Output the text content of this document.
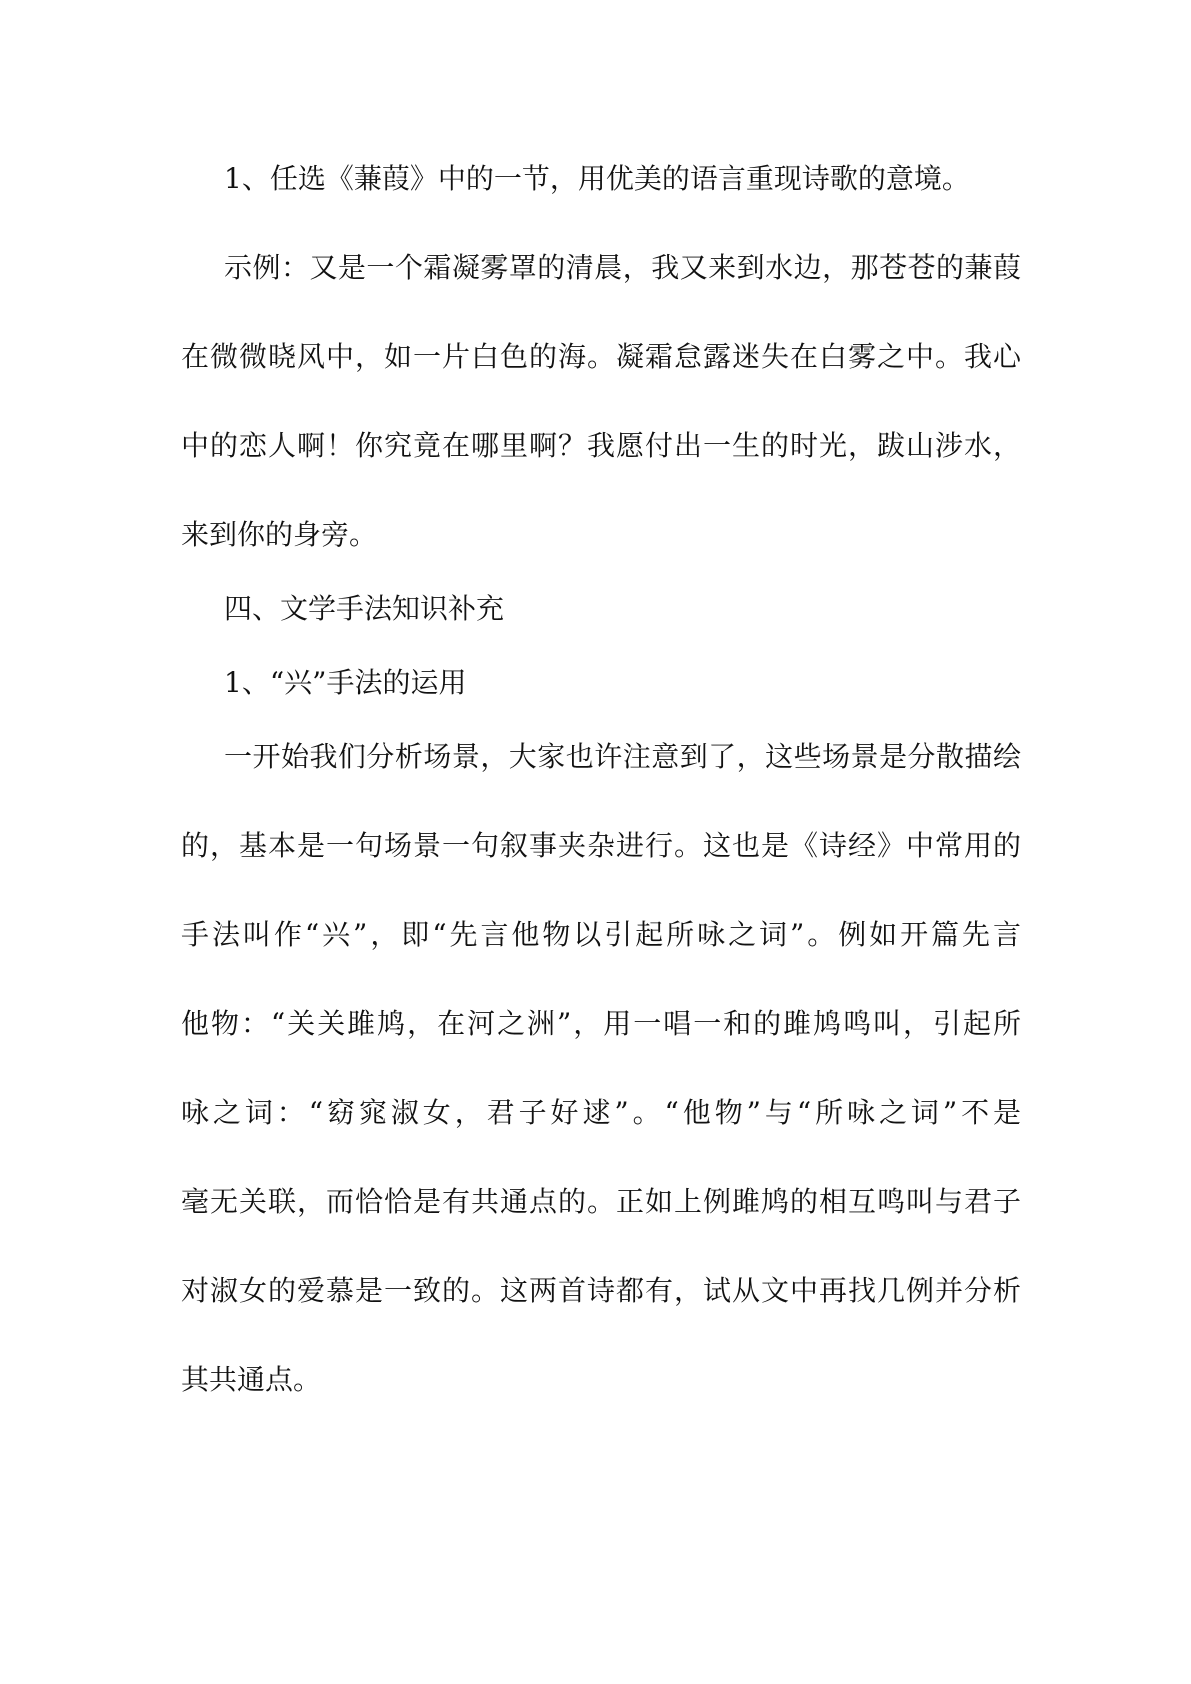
1、任选《蒹葭》中的一节，用优美的语言重现诗歌的意境。
示例：又是一个霜凝雾罩的清晨，我又来到水边，那苍苍的蒹葭
在微微晓风中，如一片白色的海。凝霜怠露迷失在白雾之中。我心
中的恋人啊！你究竟在哪里啊？我愿付出一生的时光，跋山涉水，
来到你的身旁。
四、文学手法知识补充
1、“兴”手法的运用
一开始我们分析场景，大家也许注意到了，这些场景是分散描绘
的，基本是一句场景一句叙事夹杂进行。这也是《诗经》中常用的
手法叫作“兴”，即“先言他物以引起所咏之词”。例如开篇先言
他物：“关关雎鸠，在河之洲”，用一唱一和的雎鸠鸣叫，引起所
咏之词：“窈窕淑女，君子好逑”。“他物”与“所咏之词”不是
毫无关联，而恰恰是有共通点的。正如上例雎鸠的相互鸣叫与君子
对淑女的爱慕是一致的。这两首诗都有，试从文中再找几例并分析
其共通点。
